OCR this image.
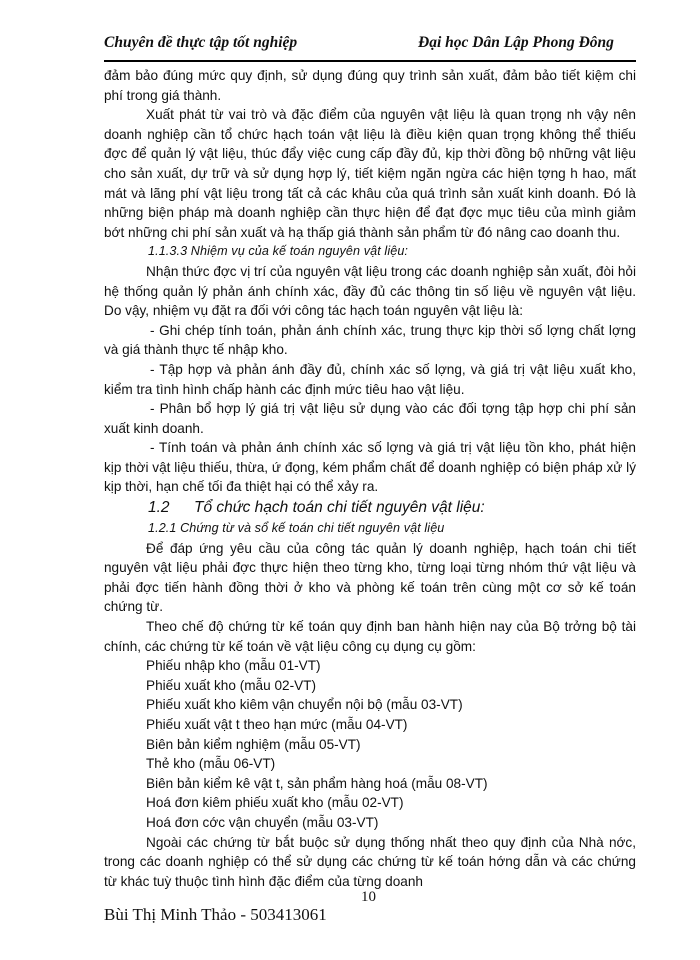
Chuyên đề thực tập tốt nghiệp	Đại học Dân Lập Phong Đông

đảm bảo đúng mức quy định, sử dụng đúng quy trình sản xuất, đảm bảo tiết kiệm chi phí trong giá thành.

Xuất phát từ vai trò và đặc điểm của nguyên vật liệu là quan trọng nh vậy nên doanh nghiệp cần tổ chức hạch toán vật liệu là điều kiện quan trọng không thể thiếu đợc để quản lý vật liệu, thúc đẩy việc cung cấp đầy đủ, kịp thời đồng bộ những vật liệu cho sản xuất, dự trữ và sử dụng hợp lý, tiết kiệm ngăn ngừa các hiện tợng h hao, mất mát và lãng phí vật liệu trong tất cả các khâu của quá trình sản xuất kinh doanh. Đó là những biện pháp mà doanh nghiệp cần thực hiện để đạt đợc mục tiêu của mình giảm bớt những chi phí sản xuất và hạ thấp giá thành sản phẩm từ đó nâng cao doanh thu.

1.1.3.3 Nhiệm vụ của kế toán nguyên vật liệu:

Nhận thức đợc vị trí của nguyên vật liệu trong các doanh nghiệp sản xuất, đòi hỏi hệ thống quản lý phản ánh chính xác, đầy đủ các thông tin số liệu về nguyên vật liệu. Do vậy, nhiệm vụ đặt ra đối với công tác hạch toán nguyên vật liệu là:

- Ghi chép tính toán, phản ánh chính xác, trung thực kịp thời số lợng chất lợng và giá thành thực tế nhập kho.

- Tập hợp và phản ánh đầy đủ, chính xác số lợng, và giá trị vật liệu xuất kho, kiểm tra tình hình chấp hành các định mức tiêu hao vật liệu.

- Phân bổ hợp lý giá trị vật liệu sử dụng vào các đối tợng tập hợp chi phí sản xuất kinh doanh.

- Tính toán và phản ánh chính xác số lợng và giá trị vật liệu tồn kho, phát hiện kịp thời vật liệu thiếu, thừa, ứ đọng, kém phẩm chất để doanh nghiệp có biện pháp xử lý kịp thời, hạn chế tối đa thiệt hại có thể xảy ra.

1.2 Tổ chức hạch toán chi tiết nguyên vật liệu:

1.2.1 Chứng từ và sổ kế toán chi tiết nguyên vật liệu

Để đáp ứng yêu cầu của công tác quản lý doanh nghiệp, hạch toán chi tiết nguyên vật liệu phải đợc thực hiện theo từng kho, từng loại từng nhóm thứ vật liệu và phải đợc tiến hành đồng thời ở kho và phòng kế toán trên cùng một cơ sở kế toán chứng từ.

Theo chế độ chứng từ kế toán quy định ban hành hiện nay của Bộ trởng bộ tài chính, các chứng từ kế toán về vật liệu công cụ dụng cụ gồm:

Phiếu nhập kho (mẫu 01-VT)

Phiếu xuất kho (mẫu 02-VT)

Phiếu xuất kho kiêm vận chuyển nội bộ (mẫu 03-VT)

Phiếu xuất vật t theo hạn mức (mẫu 04-VT)

Biên bản kiểm nghiệm (mẫu 05-VT)

Thẻ kho (mẫu 06-VT)

Biên bản kiểm kê vật t, sản phẩm hàng hoá (mẫu 08-VT)

Hoá đơn kiêm phiếu xuất kho (mẫu 02-VT)

Hoá đơn cớc vận chuyển (mẫu 03-VT)

Ngoài các chứng từ bắt buộc sử dụng thống nhất theo quy định của Nhà nớc, trong các doanh nghiệp có thể sử dụng các chứng từ kế toán hớng dẫn và các chứng từ khác tuỳ thuộc tình hình đặc điểm của từng doanh

10
Bùi Thị Minh Thảo - 503413061
